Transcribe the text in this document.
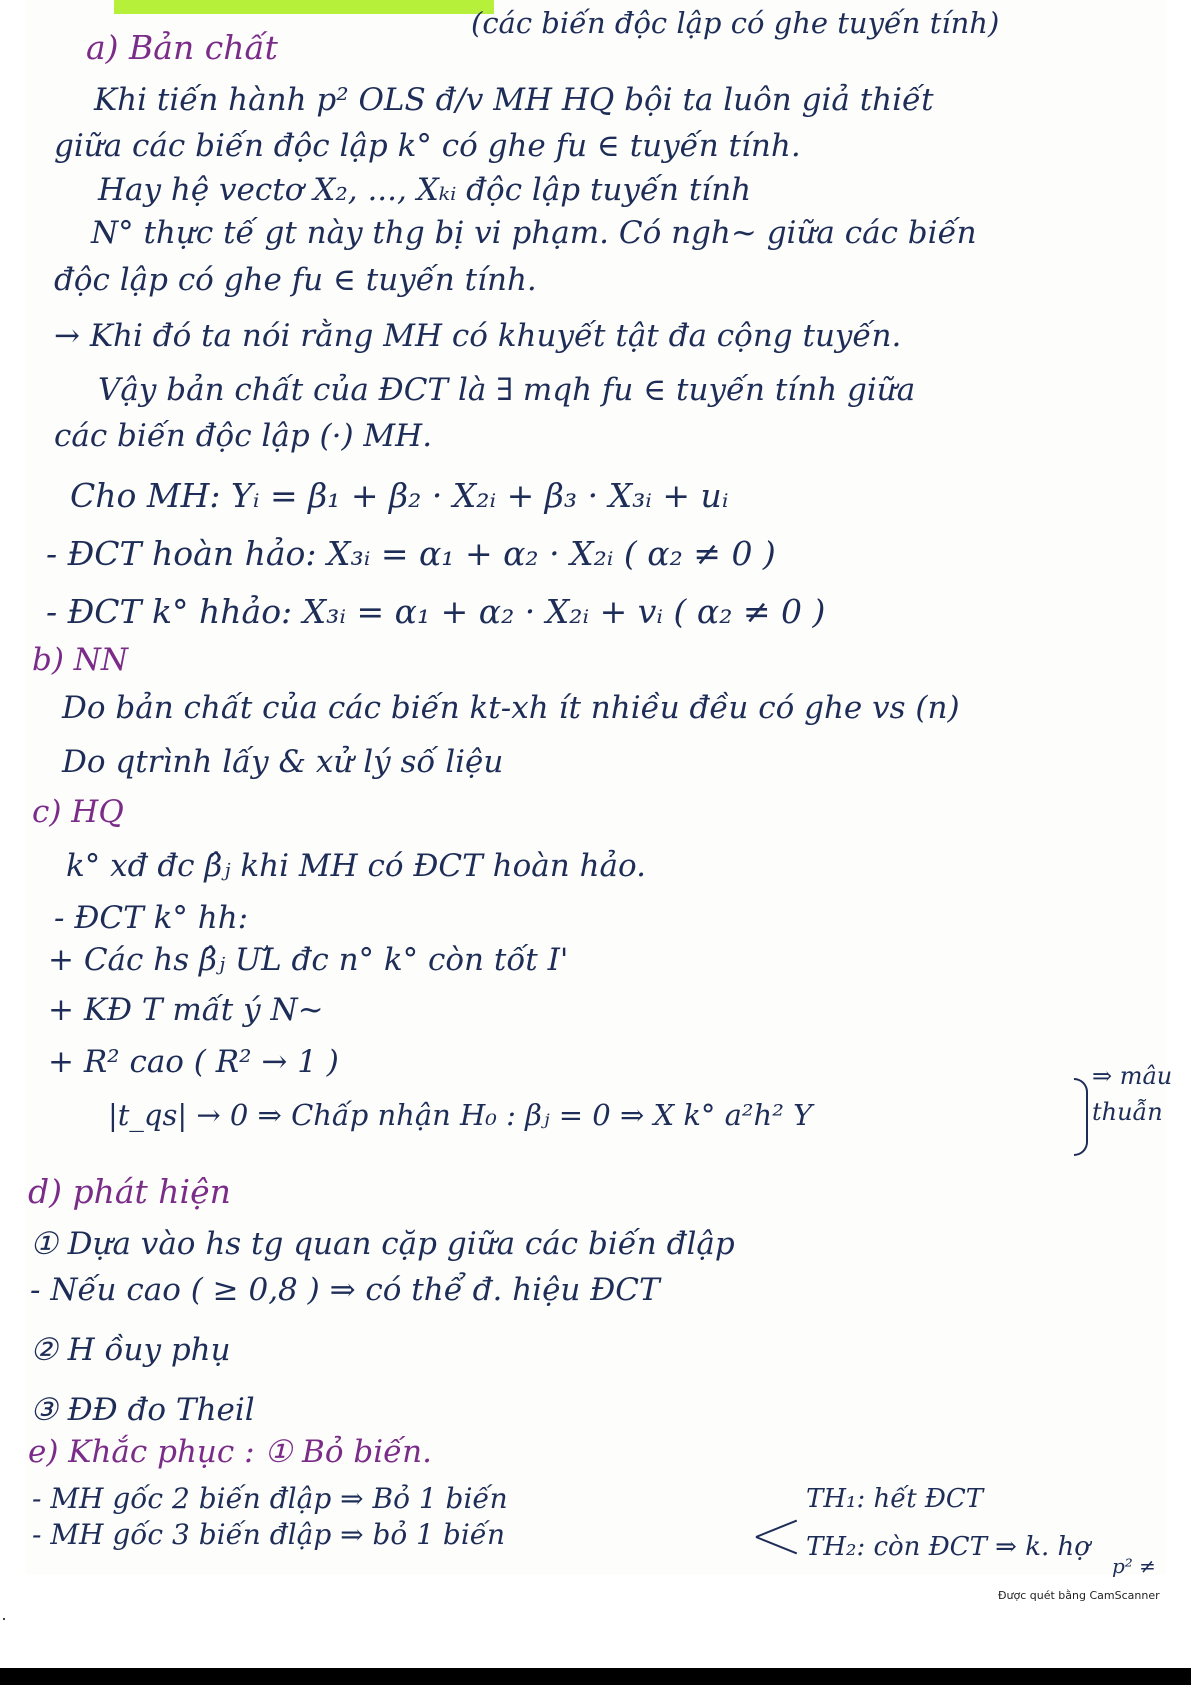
(các biến độc lập có ghe tuyến tính)
a) Bản chất
Khi tiến hành p² OLS đ/v MH HQ bội ta luôn giả thiết
giữa các biến độc lập k° có ghe fu ∈ tuyến tính.
Hay hệ vectơ X₂, ..., Xₖᵢ độc lập tuyến tính
N° thực tế gt này thg bị vi phạm. Có ngh~ giữa các biến
độc lập có ghe fu ∈ tuyến tính.
→ Khi đó ta nói rằng MH có khuyết tật đa cộng tuyến.
Vậy bản chất của ĐCT là ∃ mqh fu ∈ tuyến tính giữa
các biến độc lập (·) MH.
Cho MH: Yᵢ = β₁ + β₂ · X₂ᵢ + β₃ · X₃ᵢ + uᵢ
- ĐCT hoàn hảo: X₃ᵢ = α₁ + α₂ · X₂ᵢ ( α₂ ≠ 0 )
- ĐCT k° hhảo: X₃ᵢ = α₁ + α₂ · X₂ᵢ + vᵢ ( α₂ ≠ 0 )
b) NN
Do bản chất của các biến kt-xh ít nhiều đều có ghe vs (n)
Do qtrình lấy & xử lý số liệu
c) HQ
k° xđ đc β̂ⱼ khi MH có ĐCT hoàn hảo.
- ĐCT k° hh:
+ Các hs β̂ⱼ ƯL đc n° k° còn tốt I'
+ KĐ T mất ý N~
+ R² cao ( R² → 1 )
|t_qs| → 0 ⇒ Chấp nhận H₀ : βⱼ = 0 ⇒ X k° a²h² Y
⇒ mâu
thuẫn
d) phát hiện
① Dựa vào hs tg quan cặp giữa các biến đlập
- Nếu cao ( ≥ 0,8 ) ⇒ có thể đ. hiệu ĐCT
② H ồuy phụ
③ ĐĐ đo Theil
e) Khắc phục : ① Bỏ biến.
- MH gốc 2 biến đlập ⇒ Bỏ 1 biến
- MH gốc 3 biến đlập ⇒ bỏ 1 biến
TH₁: hết ĐCT
TH₂: còn ĐCT ⇒ k. hợ
p² ≠
Được quét bằng CamScanner
